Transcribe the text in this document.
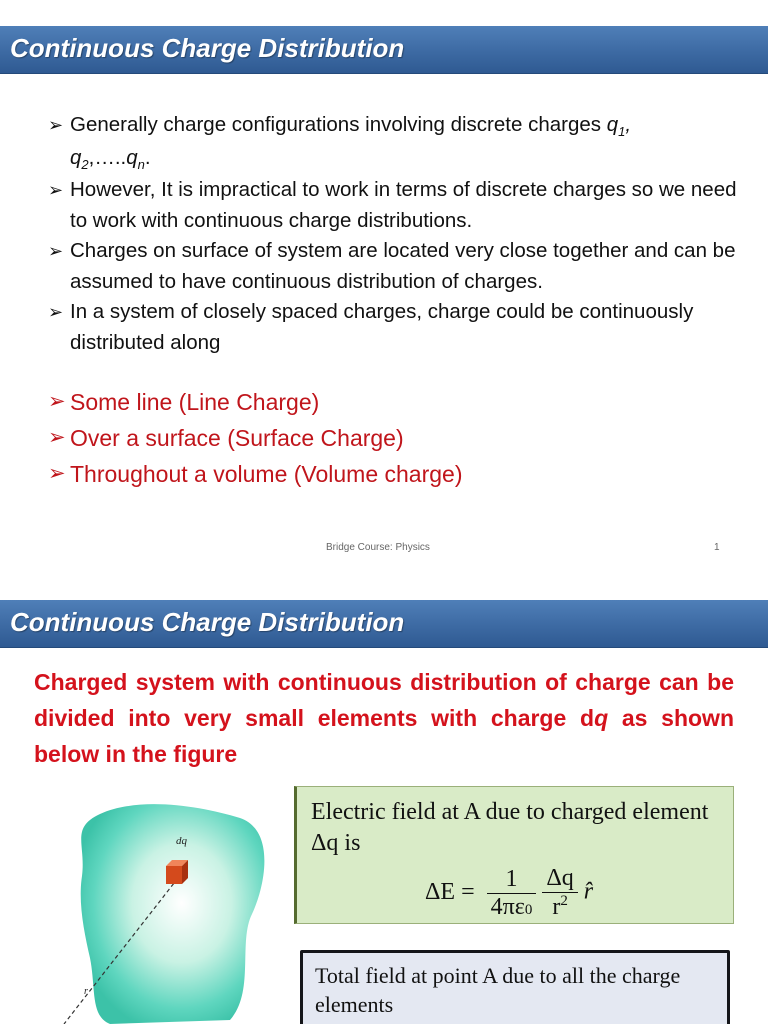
Continuous Charge Distribution
➢ Generally charge configurations involving discrete charges $q_1$,
$q_2,\dots..q_n$.
➢ However, It is impractical to work in terms of discrete charges so we need to work with continuous charge distributions.
➢ Charges on surface of system are located very close together and can be assumed to have continuous distribution of charges.
➢ In a system of closely spaced charges, charge could be continuously distributed along
➢ Some line (Line Charge)
➢ Over a surface (Surface Charge)
➢ Throughout a volume (Volume charge)
Bridge Course: Physics	1
Continuous Charge Distribution
Charged system with continuous distribution of charge can be divided into very small elements with charge dq as shown below in the figure
dq
r
Electric field at A due to charged element Δq is
$\Delta E = \frac{1}{4\pi\varepsilon 0}$
$\frac{\Delta q}{r^2}$ r̂
Total field at point A due to all the charge elements
